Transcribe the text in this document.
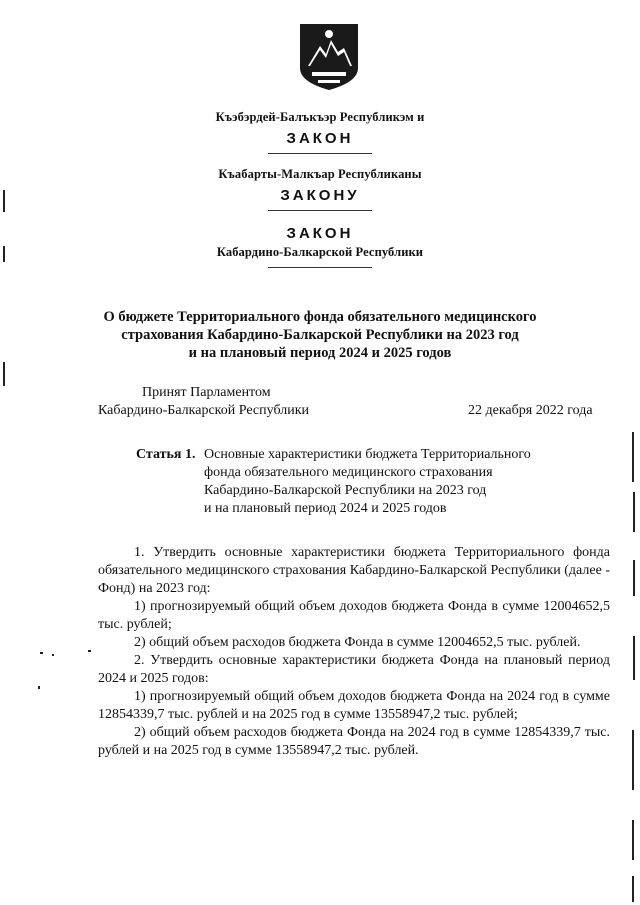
Къэбэрдей-Балъкъэр Республикэм и
ЗАКОН
Къабарты-Малкъар Республиканы
ЗАКОНУ
ЗАКОН
Кабардино-Балкарской Республики
О бюджете Территориального фонда обязательного медицинского
страхования Кабардино-Балкарской Республики на 2023 год
и на плановый период 2024 и 2025 годов
Принят Парламентом
Кабардино-Балкарской Республики	22 декабря 2022 года
Статья 1. Основные характеристики бюджета Территориального
фонда обязательного медицинского страхования
Кабардино-Балкарской Республики на 2023 год
и на плановый период 2024 и 2025 годов
1. Утвердить основные характеристики бюджета Территориального фонда обязательного медицинского страхования Кабардино-Балкарской Республики (далее - Фонд) на 2023 год:
1) прогнозируемый общий объем доходов бюджета Фонда в сумме 12004652,5 тыс. рублей;
2) общий объем расходов бюджета Фонда в сумме 12004652,5 тыс. рублей.
2. Утвердить основные характеристики бюджета Фонда на плановый период 2024 и 2025 годов:
1) прогнозируемый общий объем доходов бюджета Фонда на 2024 год в сумме 12854339,7 тыс. рублей и на 2025 год в сумме 13558947,2 тыс. рублей;
2) общий объем расходов бюджета Фонда на 2024 год в сумме 12854339,7 тыс. рублей и на 2025 год в сумме 13558947,2 тыс. рублей.
